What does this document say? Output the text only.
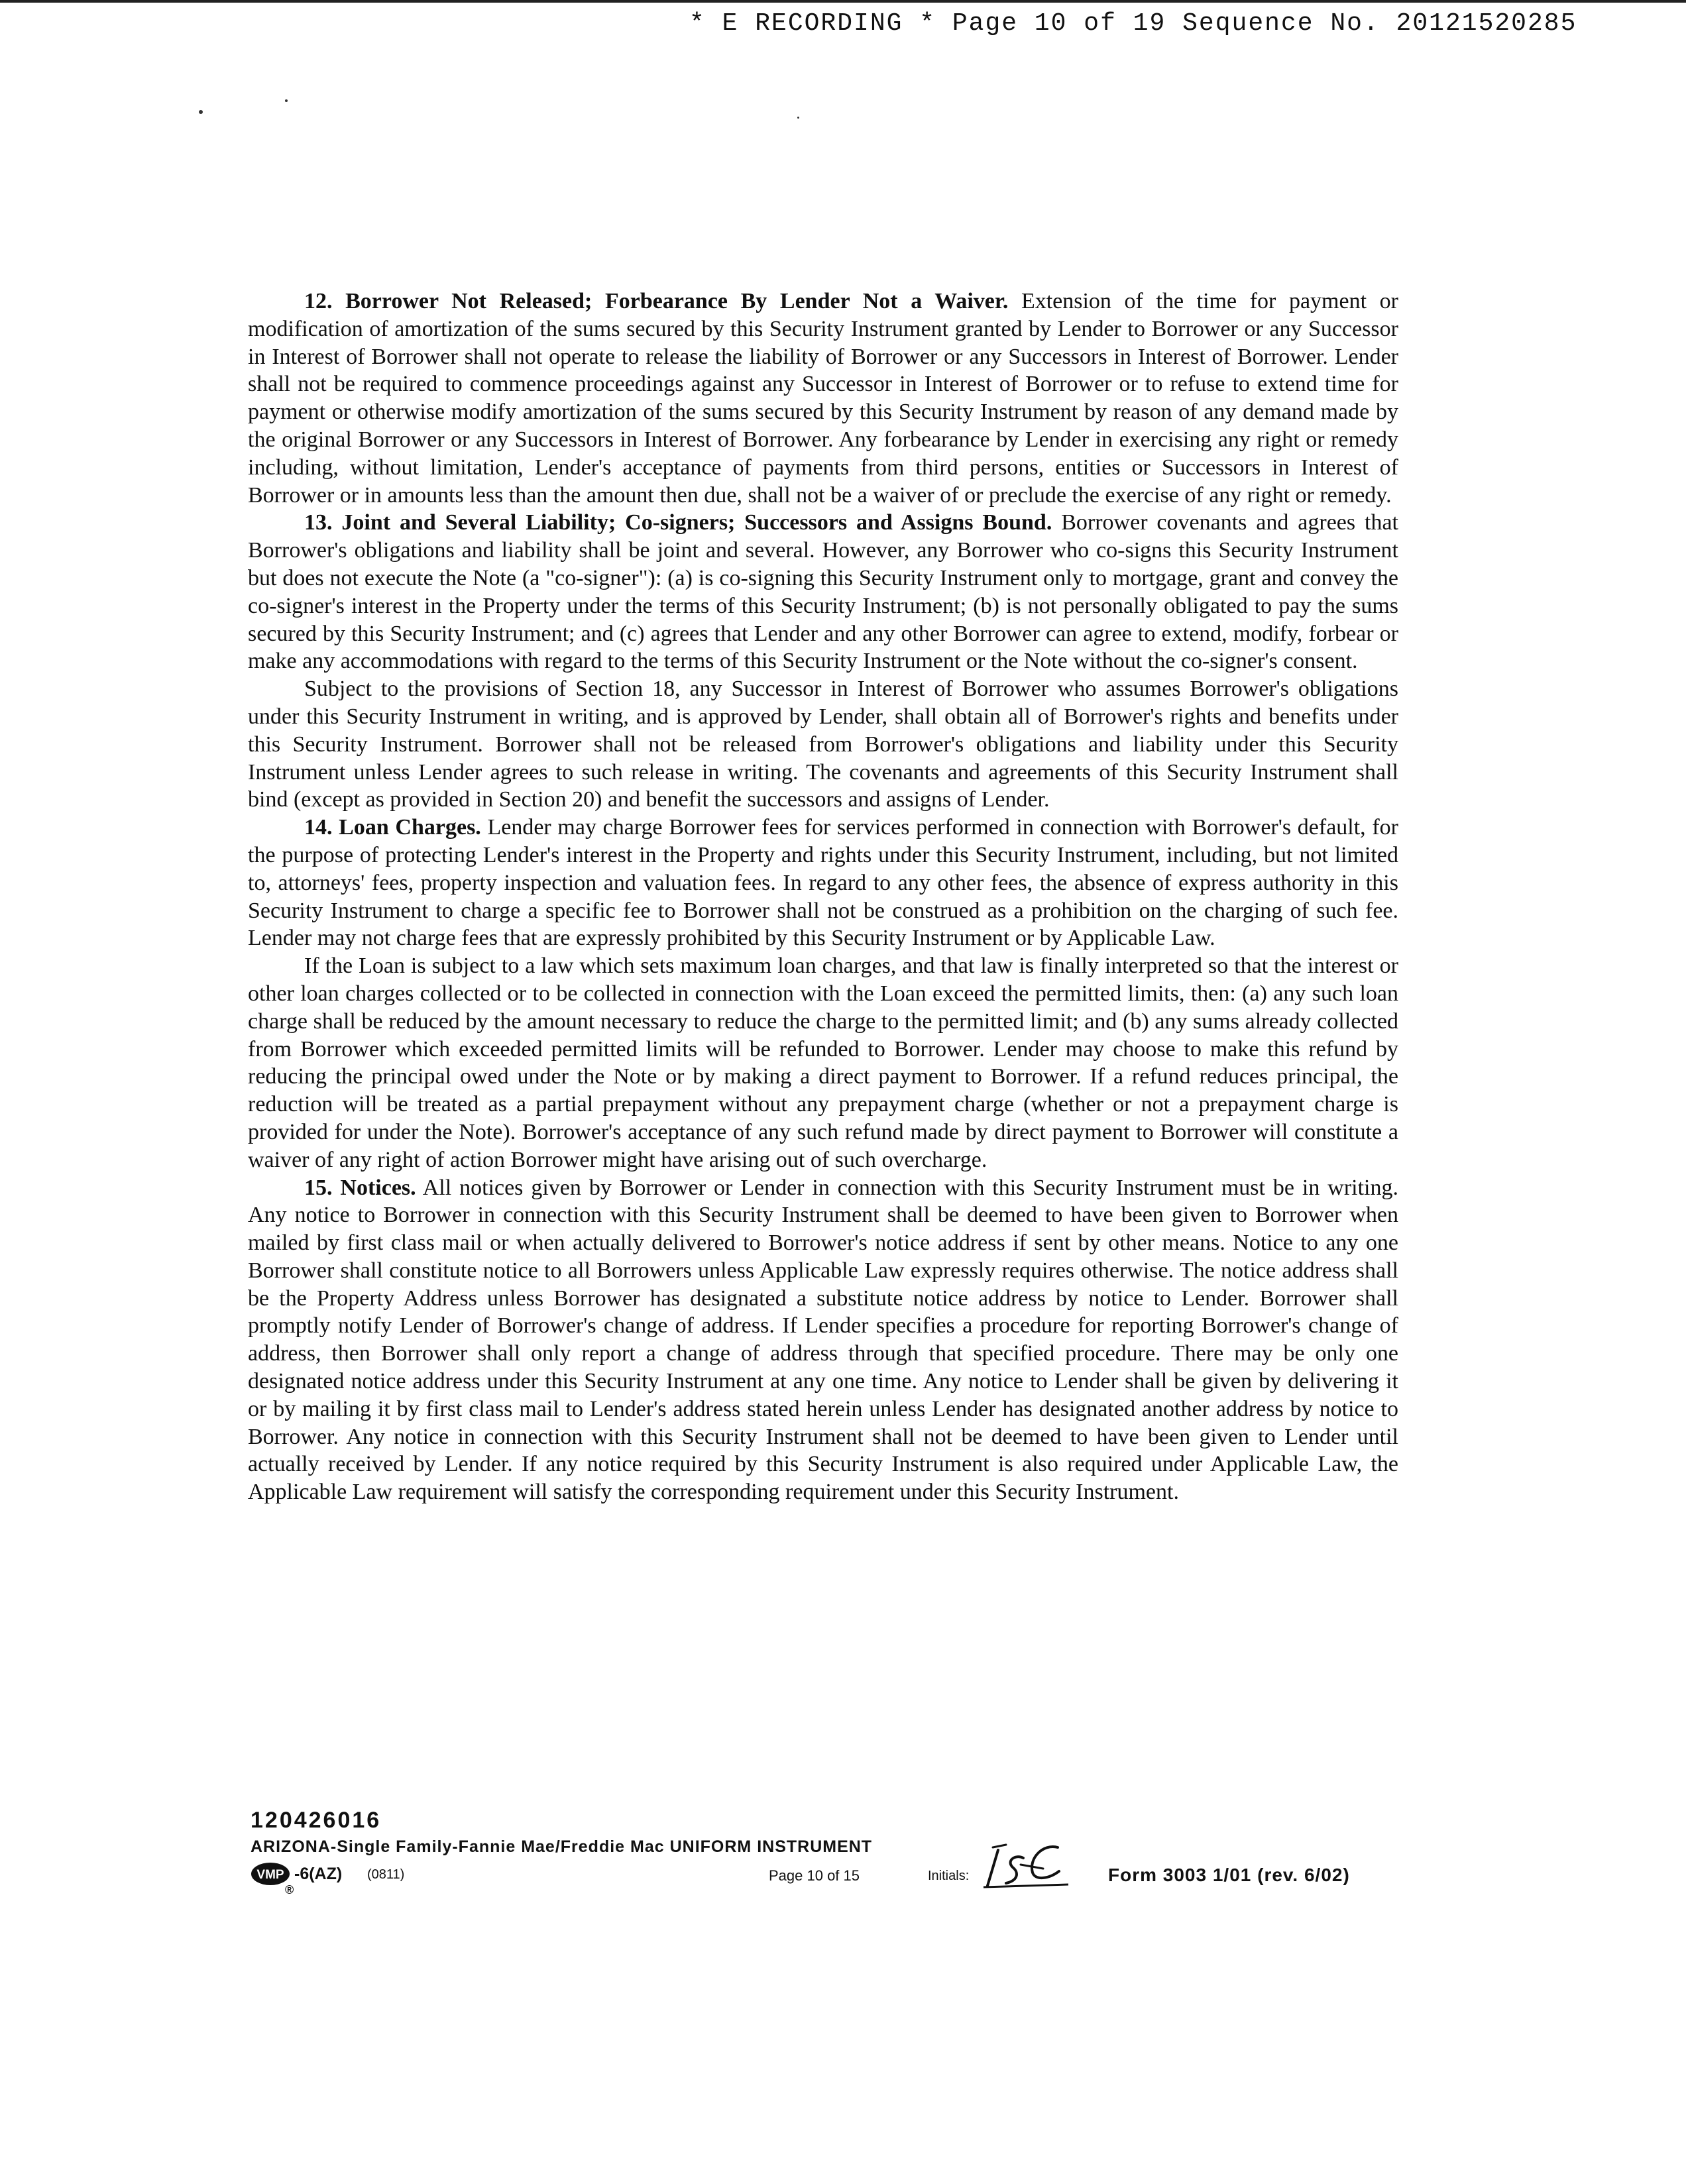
* E RECORDING * Page 10 of 19 Sequence No. 20121520285

12. Borrower Not Released; Forbearance By Lender Not a Waiver. Extension of the time for payment or modification of amortization of the sums secured by this Security Instrument granted by Lender to Borrower or any Successor in Interest of Borrower shall not operate to release the liability of Borrower or any Successors in Interest of Borrower. Lender shall not be required to commence proceedings against any Successor in Interest of Borrower or to refuse to extend time for payment or otherwise modify amortization of the sums secured by this Security Instrument by reason of any demand made by the original Borrower or any Successors in Interest of Borrower. Any forbearance by Lender in exercising any right or remedy including, without limitation, Lender's acceptance of payments from third persons, entities or Successors in Interest of Borrower or in amounts less than the amount then due, shall not be a waiver of or preclude the exercise of any right or remedy.

13. Joint and Several Liability; Co-signers; Successors and Assigns Bound. Borrower covenants and agrees that Borrower's obligations and liability shall be joint and several. However, any Borrower who co-signs this Security Instrument but does not execute the Note (a "co-signer"): (a) is co-signing this Security Instrument only to mortgage, grant and convey the co-signer's interest in the Property under the terms of this Security Instrument; (b) is not personally obligated to pay the sums secured by this Security Instrument; and (c) agrees that Lender and any other Borrower can agree to extend, modify, forbear or make any accommodations with regard to the terms of this Security Instrument or the Note without the co-signer's consent.

Subject to the provisions of Section 18, any Successor in Interest of Borrower who assumes Borrower's obligations under this Security Instrument in writing, and is approved by Lender, shall obtain all of Borrower's rights and benefits under this Security Instrument. Borrower shall not be released from Borrower's obligations and liability under this Security Instrument unless Lender agrees to such release in writing. The covenants and agreements of this Security Instrument shall bind (except as provided in Section 20) and benefit the successors and assigns of Lender.

14. Loan Charges. Lender may charge Borrower fees for services performed in connection with Borrower's default, for the purpose of protecting Lender's interest in the Property and rights under this Security Instrument, including, but not limited to, attorneys' fees, property inspection and valuation fees. In regard to any other fees, the absence of express authority in this Security Instrument to charge a specific fee to Borrower shall not be construed as a prohibition on the charging of such fee. Lender may not charge fees that are expressly prohibited by this Security Instrument or by Applicable Law.

If the Loan is subject to a law which sets maximum loan charges, and that law is finally interpreted so that the interest or other loan charges collected or to be collected in connection with the Loan exceed the permitted limits, then: (a) any such loan charge shall be reduced by the amount necessary to reduce the charge to the permitted limit; and (b) any sums already collected from Borrower which exceeded permitted limits will be refunded to Borrower. Lender may choose to make this refund by reducing the principal owed under the Note or by making a direct payment to Borrower. If a refund reduces principal, the reduction will be treated as a partial prepayment without any prepayment charge (whether or not a prepayment charge is provided for under the Note). Borrower's acceptance of any such refund made by direct payment to Borrower will constitute a waiver of any right of action Borrower might have arising out of such overcharge.

15. Notices. All notices given by Borrower or Lender in connection with this Security Instrument must be in writing. Any notice to Borrower in connection with this Security Instrument shall be deemed to have been given to Borrower when mailed by first class mail or when actually delivered to Borrower's notice address if sent by other means. Notice to any one Borrower shall constitute notice to all Borrowers unless Applicable Law expressly requires otherwise. The notice address shall be the Property Address unless Borrower has designated a substitute notice address by notice to Lender. Borrower shall promptly notify Lender of Borrower's change of address. If Lender specifies a procedure for reporting Borrower's change of address, then Borrower shall only report a change of address through that specified procedure. There may be only one designated notice address under this Security Instrument at any one time. Any notice to Lender shall be given by delivering it or by mailing it by first class mail to Lender's address stated herein unless Lender has designated another address by notice to Borrower. Any notice in connection with this Security Instrument shall not be deemed to have been given to Lender until actually received by Lender. If any notice required by this Security Instrument is also required under Applicable Law, the Applicable Law requirement will satisfy the corresponding requirement under this Security Instrument.

120426016
ARIZONA-Single Family-Fannie Mae/Freddie Mac UNIFORM INSTRUMENT
VMP
®
-6(AZ) (0811)	Page 10 of 15	Initials:	Form 3003 1/01 (rev. 6/02)
